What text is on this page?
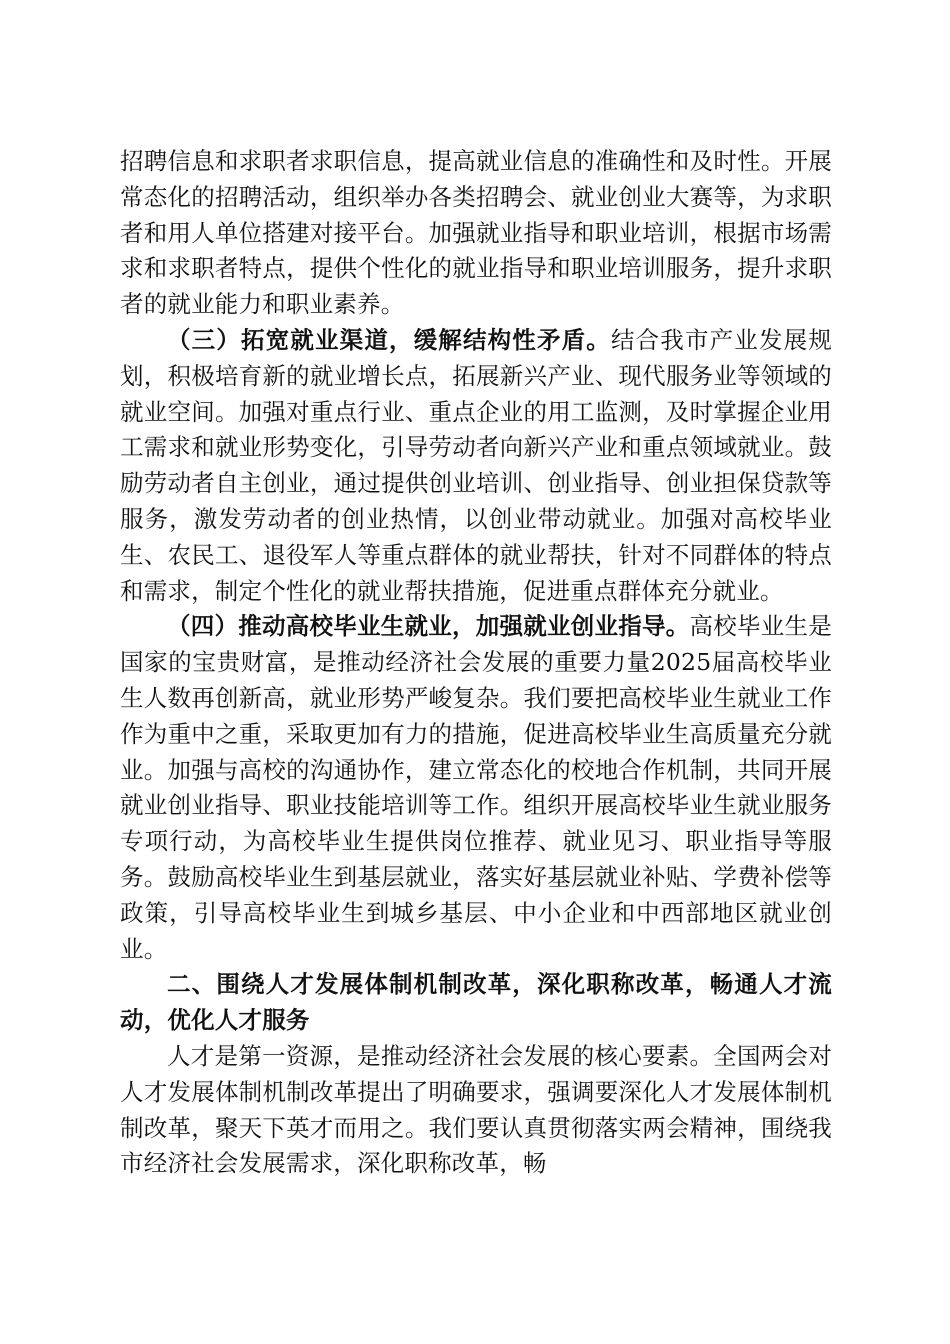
招聘信息和求职者求职信息，提高就业信息的准确性和及时性。开展常态化的招聘活动，组织举办各类招聘会、就业创业大赛等，为求职者和用人单位搭建对接平台。加强就业指导和职业培训，根据市场需求和求职者特点，提供个性化的就业指导和职业培训服务，提升求职者的就业能力和职业素养。

（三）拓宽就业渠道，缓解结构性矛盾。结合我市产业发展规划，积极培育新的就业增长点，拓展新兴产业、现代服务业等领域的就业空间。加强对重点行业、重点企业的用工监测，及时掌握企业用工需求和就业形势变化，引导劳动者向新兴产业和重点领域就业。鼓励劳动者自主创业，通过提供创业培训、创业指导、创业担保贷款等服务，激发劳动者的创业热情，以创业带动就业。加强对高校毕业生、农民工、退役军人等重点群体的就业帮扶，针对不同群体的特点和需求，制定个性化的就业帮扶措施，促进重点群体充分就业。

（四）推动高校毕业生就业，加强就业创业指导。高校毕业生是国家的宝贵财富，是推动经济社会发展的重要力量2025届高校毕业生人数再创新高，就业形势严峻复杂。我们要把高校毕业生就业工作作为重中之重，采取更加有力的措施，促进高校毕业生高质量充分就业。加强与高校的沟通协作，建立常态化的校地合作机制，共同开展就业创业指导、职业技能培训等工作。组织开展高校毕业生就业服务专项行动，为高校毕业生提供岗位推荐、就业见习、职业指导等服务。鼓励高校毕业生到基层就业，落实好基层就业补贴、学费补偿等政策，引导高校毕业生到城乡基层、中小企业和中西部地区就业创业。

二、围绕人才发展体制机制改革，深化职称改革，畅通人才流动，优化人才服务

人才是第一资源，是推动经济社会发展的核心要素。全国两会对人才发展体制机制改革提出了明确要求，强调要深化人才发展体制机制改革，聚天下英才而用之。我们要认真贯彻落实两会精神，围绕我市经济社会发展需求，深化职称改革，畅
